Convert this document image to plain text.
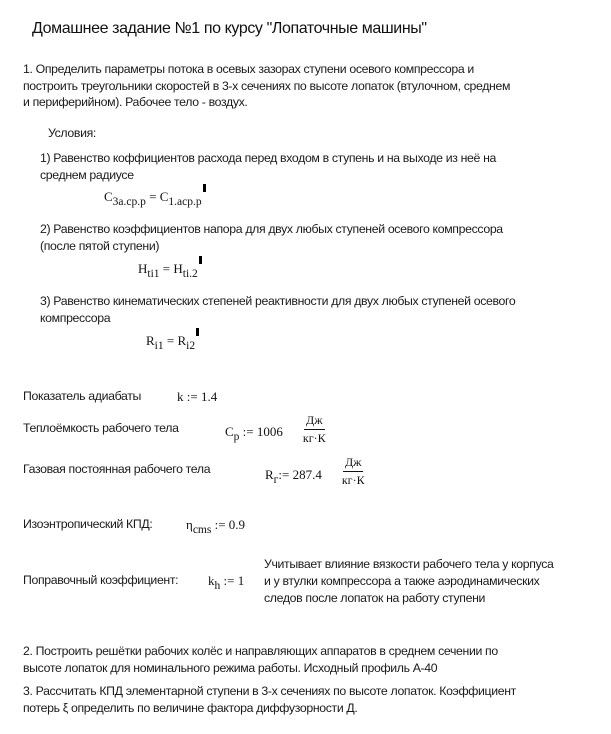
Домашнее задание №1 по курсу "Лопаточные машины"
1. Определить параметры потока в осевых зазорах ступени осевого компрессора и
построить треугольники скоростей в 3-х сечениях по высоте лопаток (втулочном, среднем
и периферийном). Рабочее тело - воздух.
Условия:
1) Равенство коффициентов расхода перед входом в ступень и на выходе из неё на
среднем радиусе
$C_{3a.cp.p} = C_{1.acp.p}$
2) Равенство коэффициентов напора для двух любых ступеней осевого компрессора
(после пятой ступени)
$H_{ti1} = H_{ti.2}$
3) Равенство кинематических степеней реактивности для двух любых ступеней осевого
компрессора
$R_{i1} = R_{i2}$
Показатель адиабаты	k := 1.4
Теплоёмкость рабочего тела	$C_p$ := $1006 \frac{Дж}{кг\cdot К}$
Газовая постоянная рабочего тела	$R_г:= 287.4 \frac{Дж}{кг\cdot К}$
Изоэнтропический КПД:	$\eta_{cms}$ := 0.9
Поправочный коэффициент: $k_h$ := 1
Учитывает влияние вязкости рабочего тела у корпуса
и у втулки компрессора а также аэродинамических
следов после лопаток на работу ступени
2. Построить решётки рабочих колёс и направляющих аппаратов в среднем сечении по
высоте лопаток для номинального режима работы. Исходный профиль А-40
3. Рассчитать КПД элементарной ступени в 3-х сечениях по высоте лопаток. Коэффициент
потерь ξ определить по величине фактора диффузорности Д.
